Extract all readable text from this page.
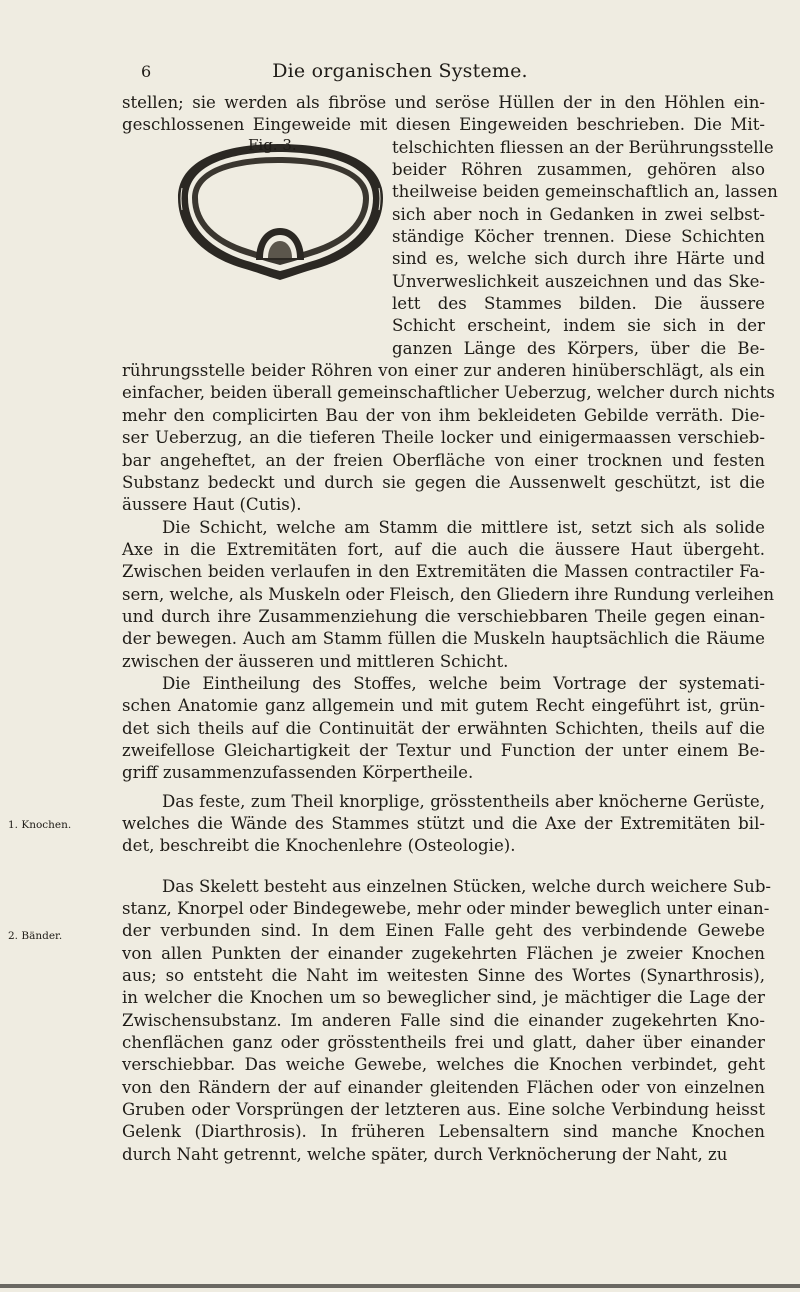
6	Die organischen Systeme.
Fig. 3.
1. Knochen.
2. Bänder.
stellen; sie werden als fibröse und seröse Hüllen der in den Höhlen ein-
geschlossenen Eingeweide mit diesen Eingeweiden beschrieben. Die Mit-
telschichten fliessen an der Berührungsstelle
beider Röhren zusammen, gehören also
theilweise beiden gemeinschaftlich an, lassen
sich aber noch in Gedanken in zwei selbst-
ständige Köcher trennen. Diese Schichten
sind es, welche sich durch ihre Härte und
Unverweslichkeit auszeichnen und das Ske-
lett des Stammes bilden. Die äussere
Schicht erscheint, indem sie sich in der
ganzen Länge des Körpers, über die Be-
rührungsstelle beider Röhren von einer zur anderen hinüberschlägt, als ein
einfacher, beiden überall gemeinschaftlicher Ueberzug, welcher durch nichts
mehr den complicirten Bau der von ihm bekleideten Gebilde verräth. Die-
ser Ueberzug, an die tieferen Theile locker und einigermaassen verschieb-
bar angeheftet, an der freien Oberfläche von einer trocknen und festen
Substanz bedeckt und durch sie gegen die Aussenwelt geschützt, ist die
äussere Haut (Cutis).
Die Schicht, welche am Stamm die mittlere ist, setzt sich als solide
Axe in die Extremitäten fort, auf die auch die äussere Haut übergeht.
Zwischen beiden verlaufen in den Extremitäten die Massen contractiler Fa-
sern, welche, als Muskeln oder Fleisch, den Gliedern ihre Rundung verleihen
und durch ihre Zusammenziehung die verschiebbaren Theile gegen einan-
der bewegen. Auch am Stamm füllen die Muskeln hauptsächlich die Räume
zwischen der äusseren und mittleren Schicht.
Die Eintheilung des Stoffes, welche beim Vortrage der systemati-
schen Anatomie ganz allgemein und mit gutem Recht eingeführt ist, grün-
det sich theils auf die Continuität der erwähnten Schichten, theils auf die
zweifellose Gleichartigkeit der Textur und Function der unter einem Be-
griff zusammenzufassenden Körpertheile.
Das feste, zum Theil knorplige, grösstentheils aber knöcherne Gerüste,
welches die Wände des Stammes stützt und die Axe der Extremitäten bil-
det, beschreibt die Knochenlehre (Osteologie).
Das Skelett besteht aus einzelnen Stücken, welche durch weichere Sub-
stanz, Knorpel oder Bindegewebe, mehr oder minder beweglich unter einan-
der verbunden sind. In dem Einen Falle geht des verbindende Gewebe
von allen Punkten der einander zugekehrten Flächen je zweier Knochen
aus; so entsteht die Naht im weitesten Sinne des Wortes (Synarthrosis),
in welcher die Knochen um so beweglicher sind, je mächtiger die Lage der
Zwischensubstanz. Im anderen Falle sind die einander zugekehrten Kno-
chenflächen ganz oder grösstentheils frei und glatt, daher über einander
verschiebbar. Das weiche Gewebe, welches die Knochen verbindet, geht
von den Rändern der auf einander gleitenden Flächen oder von einzelnen
Gruben oder Vorsprüngen der letzteren aus. Eine solche Verbindung heisst
Gelenk (Diarthrosis). In früheren Lebensaltern sind manche Knochen
durch Naht getrennt, welche später, durch Verknöcherung der Naht, zu
